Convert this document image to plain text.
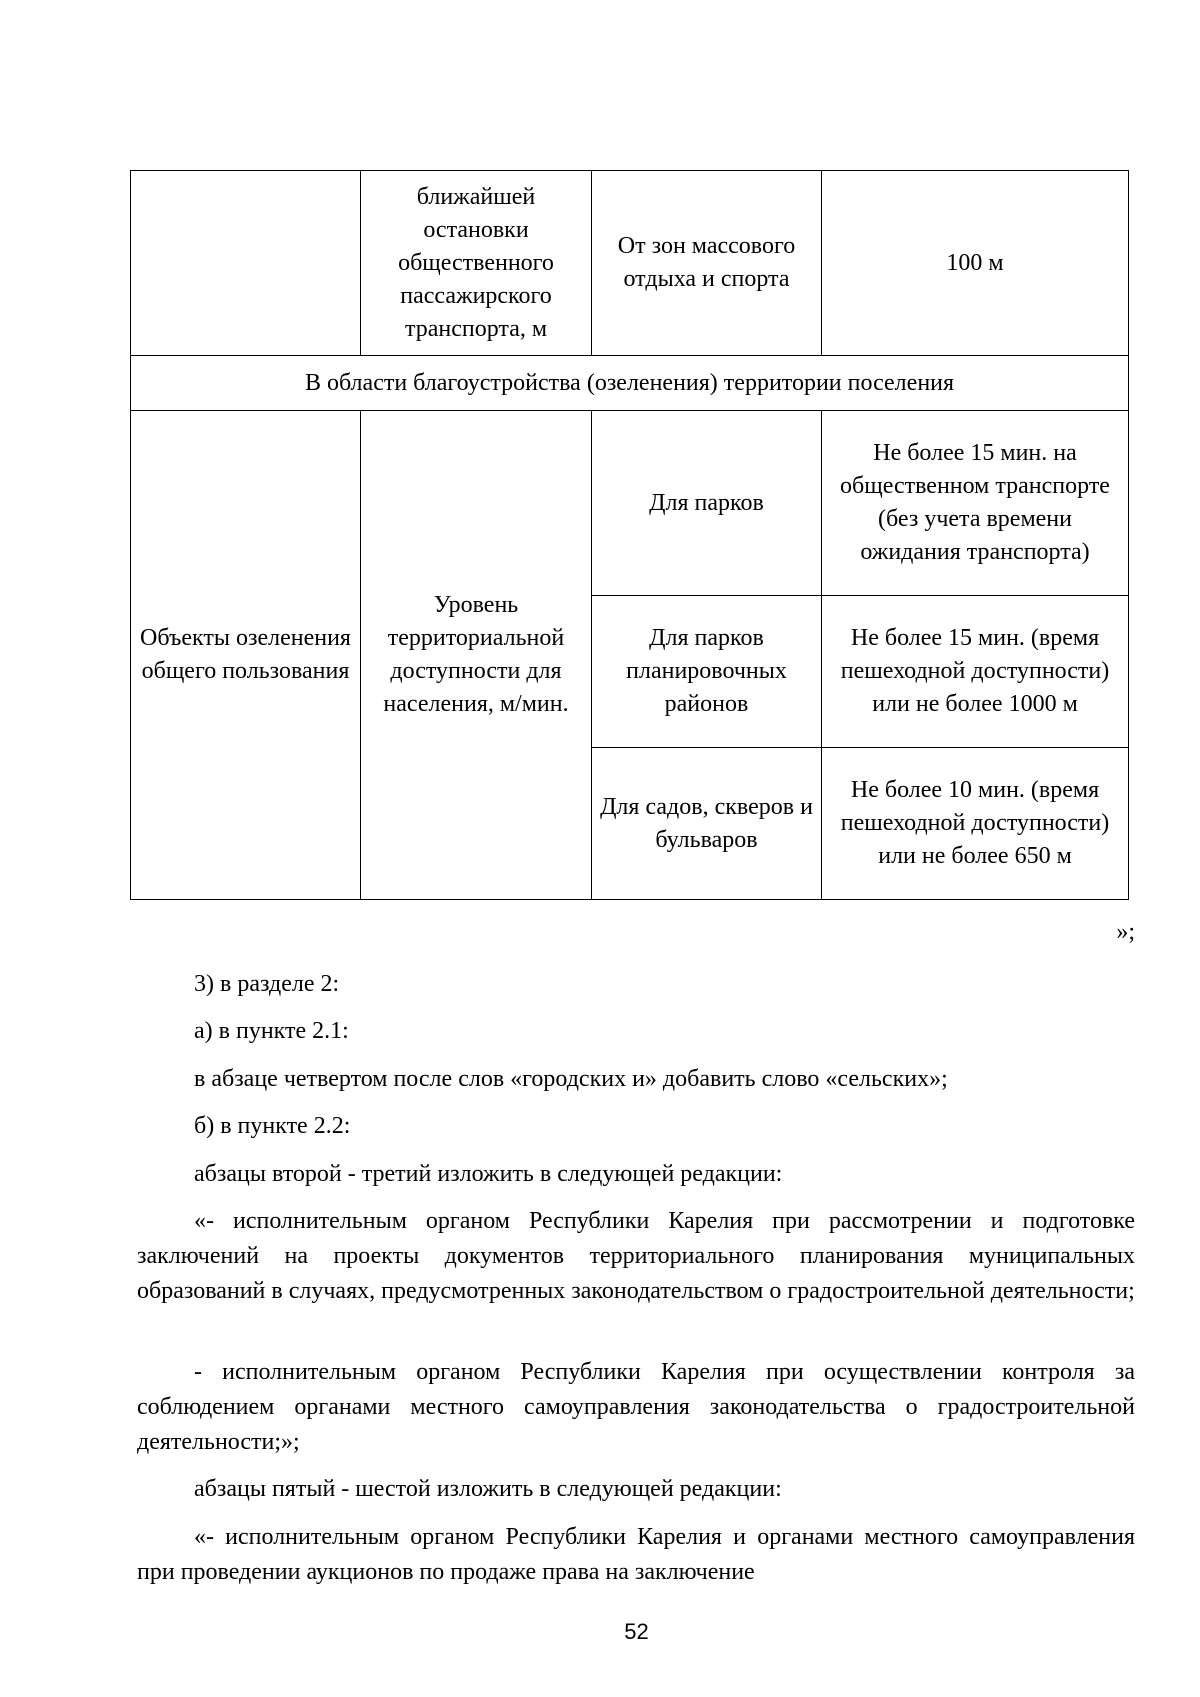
	ближайшей остановки общественного пассажирского транспорта, м	От зон массового отдыха и спорта	100 м
В области благоустройства (озеленения) территории поселения			
Объекты озеленения общего пользования	Уровень территориальной доступности для населения, м/мин.	Для парков	Не более 15 мин. на общественном транспорте (без учета времени ожидания транспорта)
		Для парков планировочных районов	Не более 15 мин. (время пешеходной доступности) или не более 1000 м
		Для садов, скверов и бульваров	Не более 10 мин. (время пешеходной доступности) или не более 650 м
»;

3) в разделе 2:

а) в пункте 2.1:

в абзаце четвертом после слов «городских и» добавить слово «сельских»;

б) в пункте 2.2:

абзацы второй - третий изложить в следующей редакции:

«- исполнительным органом Республики Карелия при рассмотрении и подготовке заключений на проекты документов территориального планирования муниципальных образований в случаях, предусмотренных законодательством о градостроительной деятельности;

- исполнительным органом Республики Карелия при осуществлении контроля за соблюдением органами местного самоуправления законодательства о градостроительной деятельности;»;

абзацы пятый - шестой изложить в следующей редакции:

«- исполнительным органом Республики Карелия и органами местного самоуправления при проведении аукционов по продаже права на заключение

52
